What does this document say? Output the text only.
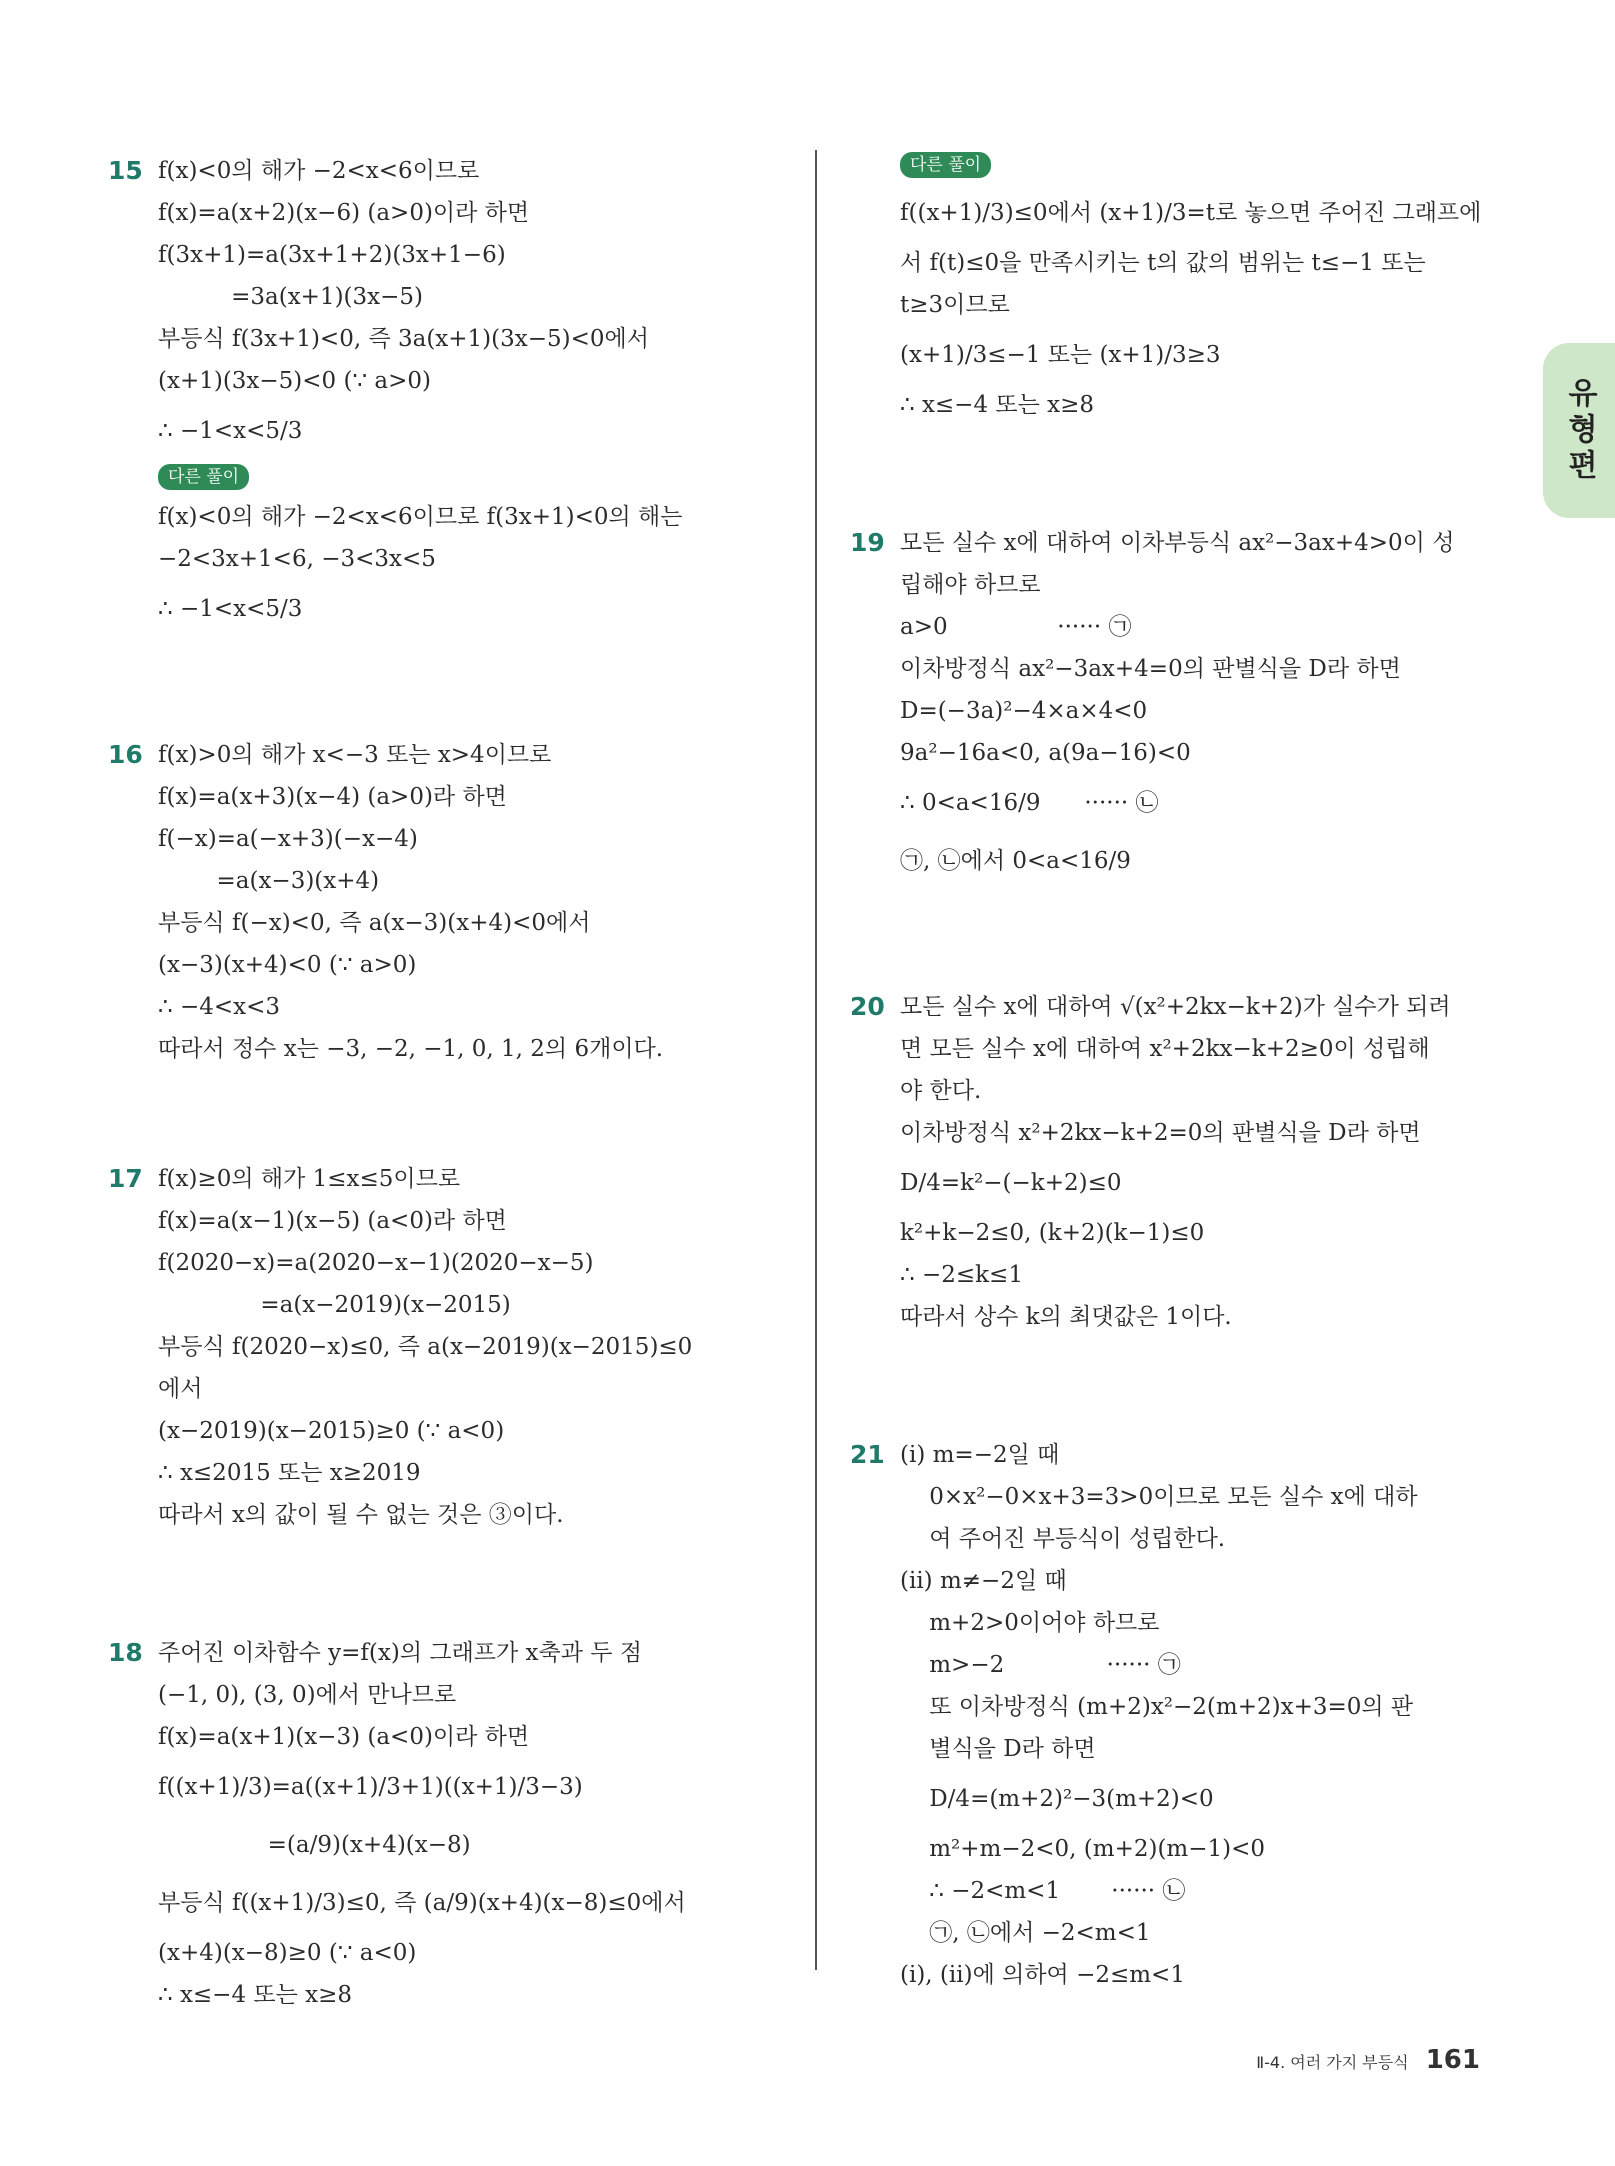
15 f(x)<0의 해가 −2<x<6이므로
f(x)=a(x+2)(x−6) (a>0)이라 하면
f(3x+1)=a(3x+1+2)(3x+1−6)
=3a(x+1)(3x−5)
부등식 f(3x+1)<0, 즉 3a(x+1)(3x−5)<0에서
(x+1)(3x−5)<0 (∵ a>0)
∴ −1<x<5/3
다른 풀이
f(x)<0의 해가 −2<x<6이므로 f(3x+1)<0의 해는
−2<3x+1<6, −3<3x<5
∴ −1<x<5/3
16 f(x)>0의 해가 x<−3 또는 x>4이므로
f(x)=a(x+3)(x−4) (a>0)라 하면
f(−x)=a(−x+3)(−x−4)
=a(x−3)(x+4)
부등식 f(−x)<0, 즉 a(x−3)(x+4)<0에서
(x−3)(x+4)<0 (∵ a>0)
∴ −4<x<3
따라서 정수 x는 −3, −2, −1, 0, 1, 2의 6개이다.
17 f(x)≥0의 해가 1≤x≤5이므로
f(x)=a(x−1)(x−5) (a<0)라 하면
f(2020−x)=a(2020−x−1)(2020−x−5)
=a(x−2019)(x−2015)
부등식 f(2020−x)≤0, 즉 a(x−2019)(x−2015)≤0
에서
(x−2019)(x−2015)≥0 (∵ a<0)
∴ x≤2015 또는 x≥2019
따라서 x의 값이 될 수 없는 것은 ③이다.
18 주어진 이차함수 y=f(x)의 그래프가 x축과 두 점
(−1, 0), (3, 0)에서 만나므로
f(x)=a(x+1)(x−3) (a<0)이라 하면
f((x+1)/3)=a((x+1)/3+1)((x+1)/3−3)
=(a/9)(x+4)(x−8)
부등식 f((x+1)/3)≤0, 즉 (a/9)(x+4)(x−8)≤0에서
(x+4)(x−8)≥0 (∵ a<0)
∴ x≤−4 또는 x≥8
다른 풀이
f((x+1)/3)≤0에서 (x+1)/3=t로 놓으면 주어진 그래프에
서 f(t)≤0을 만족시키는 t의 값의 범위는 t≤−1 또는
t≥3이므로
(x+1)/3≤−1 또는 (x+1)/3≥3
∴ x≤−4 또는 x≥8
19 모든 실수 x에 대하여 이차부등식 ax²−3ax+4>0이 성
립해야 하므로
a>0               ······ ㉠
이차방정식 ax²−3ax+4=0의 판별식을 D라 하면
D=(−3a)²−4×a×4<0
9a²−16a<0, a(9a−16)<0
∴ 0<a<16/9      ······ ㉡
㉠, ㉡에서 0<a<16/9
20 모든 실수 x에 대하여 √(x²+2kx−k+2)가 실수가 되려
면 모든 실수 x에 대하여 x²+2kx−k+2≥0이 성립해
야 한다.
이차방정식 x²+2kx−k+2=0의 판별식을 D라 하면
D/4=k²−(−k+2)≤0
k²+k−2≤0, (k+2)(k−1)≤0
∴ −2≤k≤1
따라서 상수 k의 최댓값은 1이다.
21 (ⅰ) m=−2일 때
0×x²−0×x+3=3>0이므로 모든 실수 x에 대하
여 주어진 부등식이 성립한다.
(ⅱ) m≠−2일 때
m+2>0이어야 하므로
m>−2              ······ ㉠
또 이차방정식 (m+2)x²−2(m+2)x+3=0의 판
별식을 D라 하면
D/4=(m+2)²−3(m+2)<0
m²+m−2<0, (m+2)(m−1)<0
∴ −2<m<1       ······ ㉡
㉠, ㉡에서 −2<m<1
(ⅰ), (ⅱ)에 의하여 −2≤m<1
유형편
Ⅱ-4. 여러 가지 부등식 161
